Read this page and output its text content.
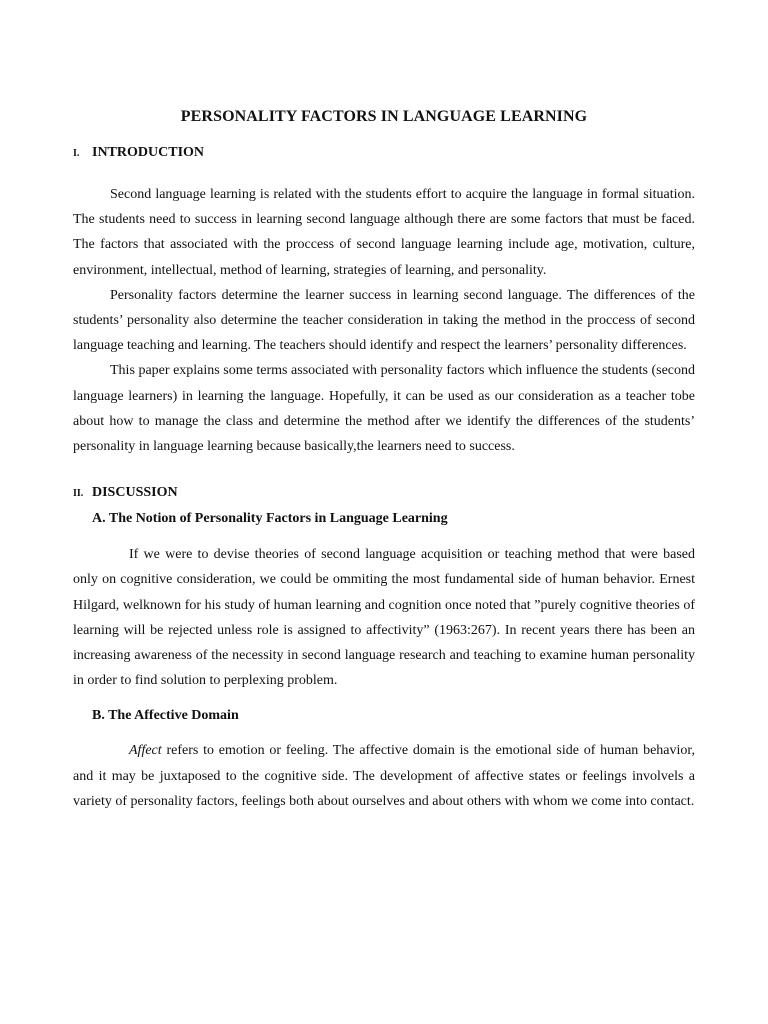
PERSONALITY FACTORS IN LANGUAGE LEARNING
I. INTRODUCTION

Second language learning is related with the students effort to acquire the language in formal situation. The students need to success in learning second language although there are some factors that must be faced. The factors that associated with the proccess of second language learning include age, motivation, culture, environment, intellectual, method of learning, strategies of learning, and personality.

Personality factors determine the learner success in learning second language. The differences of the students’ personality also determine the teacher consideration in taking the method in the proccess of second language teaching and learning. The teachers should identify and respect the learners’ personality differences.

This paper explains some terms associated with personality factors which influence the students (second language learners) in learning the language. Hopefully, it can be used as our consideration as a teacher tobe about how to manage the class and determine the method after we identify the differences of the students’ personality in language learning because basically,the learners need to success.

II. DISCUSSION
A. The Notion of Personality Factors in Language Learning

If we were to devise theories of second language acquisition or teaching method that were based only on cognitive consideration, we could be ommiting the most fundamental side of human behavior. Ernest Hilgard, welknown for his study of human learning and cognition once noted that ”purely cognitive theories of learning will be rejected unless role is assigned to affectivity” (1963:267). In recent years there has been an increasing awareness of the necessity in second language research and teaching to examine human personality in order to find solution to perplexing problem.

B. The Affective Domain

Affect refers to emotion or feeling. The affective domain is the emotional side of human behavior, and it may be juxtaposed to the cognitive side. The development of affective states or feelings involvels a variety of personality factors, feelings both about ourselves and about others with whom we come into contact.
